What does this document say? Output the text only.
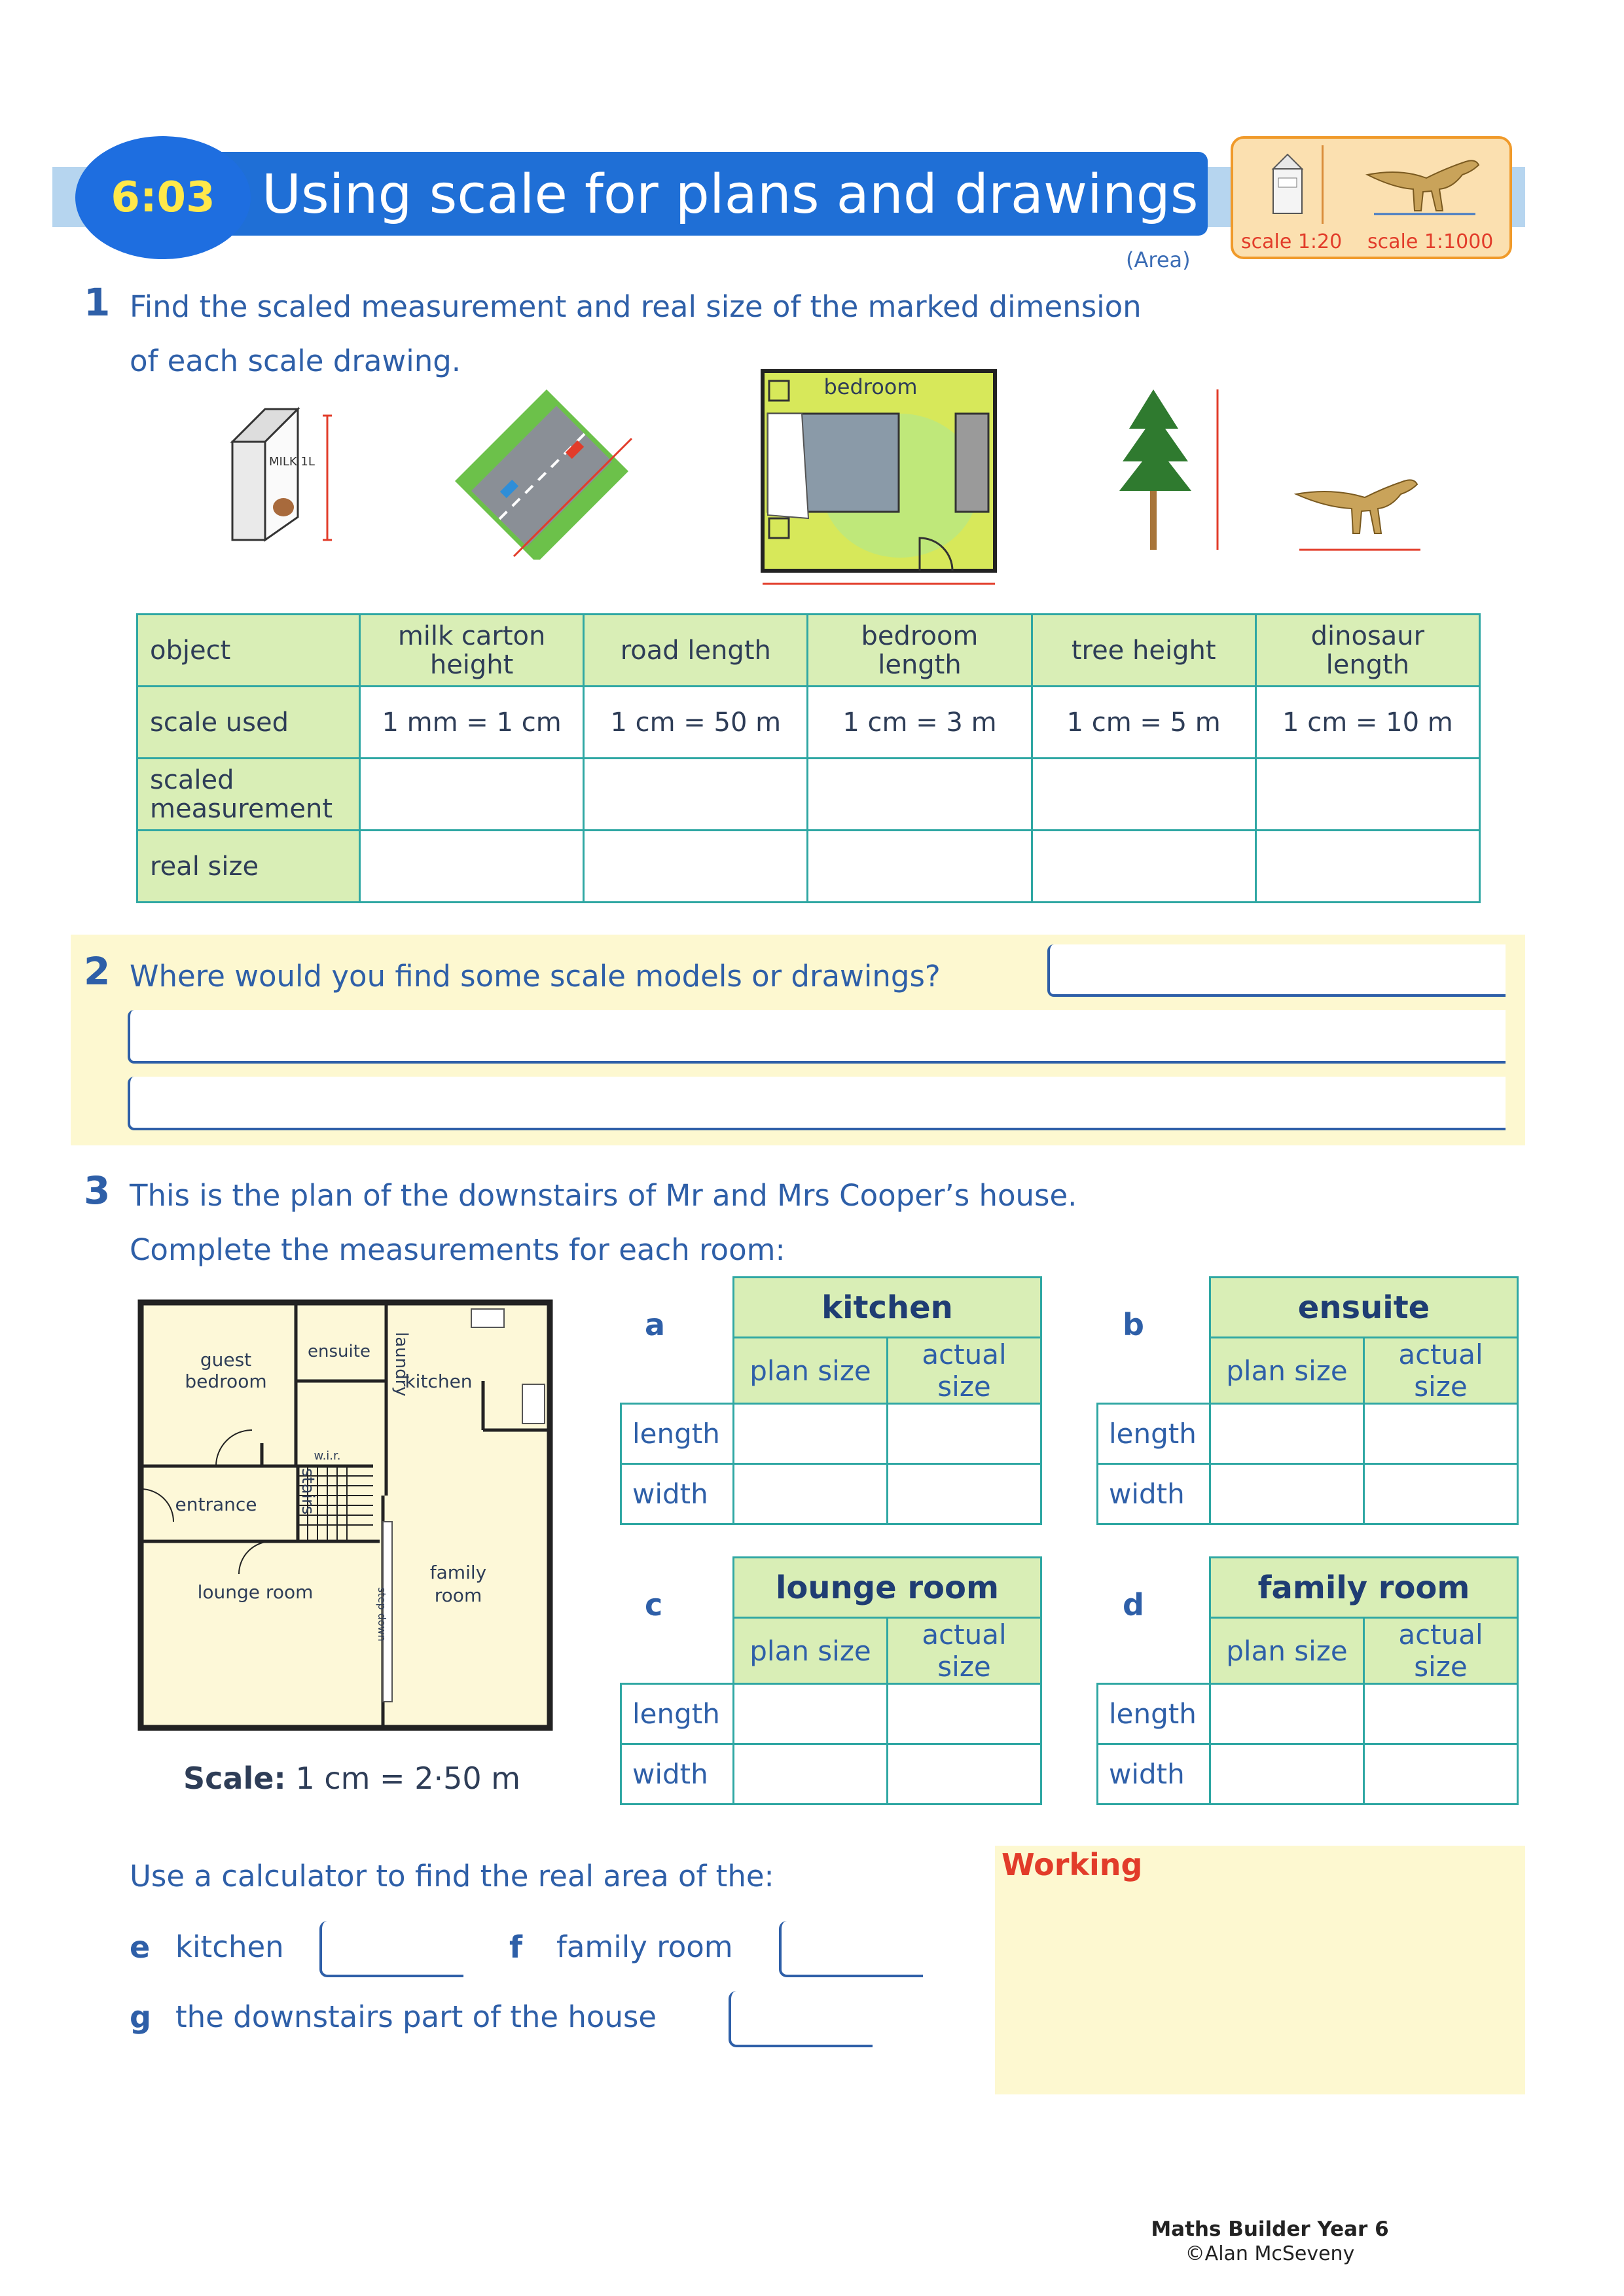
6:03 Using scale for plans and drawings
(Area)
scale 1:20 scale 1:1000
1 Find the scaled measurement and real size of the marked dimension
of each scale drawing.
MILK 1L
bedroom
object	milk carton height	road length	bedroom length	tree height	dinosaur length
scale used	1 mm = 1 cm	1 cm = 50 m	1 cm = 3 m	1 cm = 5 m	1 cm = 10 m
scaled measurement					
real size					
2 Where would you find some scale models or drawings?
3 This is the plan of the downstairs of Mr and Mrs Cooper’s house.
Complete the measurements for each room:
guest
bedroom
ensuite
kitchen
w.i.r.
entrance
lounge room
family
room
laundry
stairs
step down
Scale: 1 cm = 2·50 m
a
		kitchen	
	plan size	actual size
length		
width		
b
		ensuite	
	plan size	actual size
length		
width		
c
		lounge room	
	plan size	actual size
length		
width		
d
		family room	
	plan size	actual size
length		
width		
Use a calculator to find the real area of the:
e kitchen	f family room
g the downstairs part of the house
Working
Maths Builder Year 6
©Alan McSeveny
